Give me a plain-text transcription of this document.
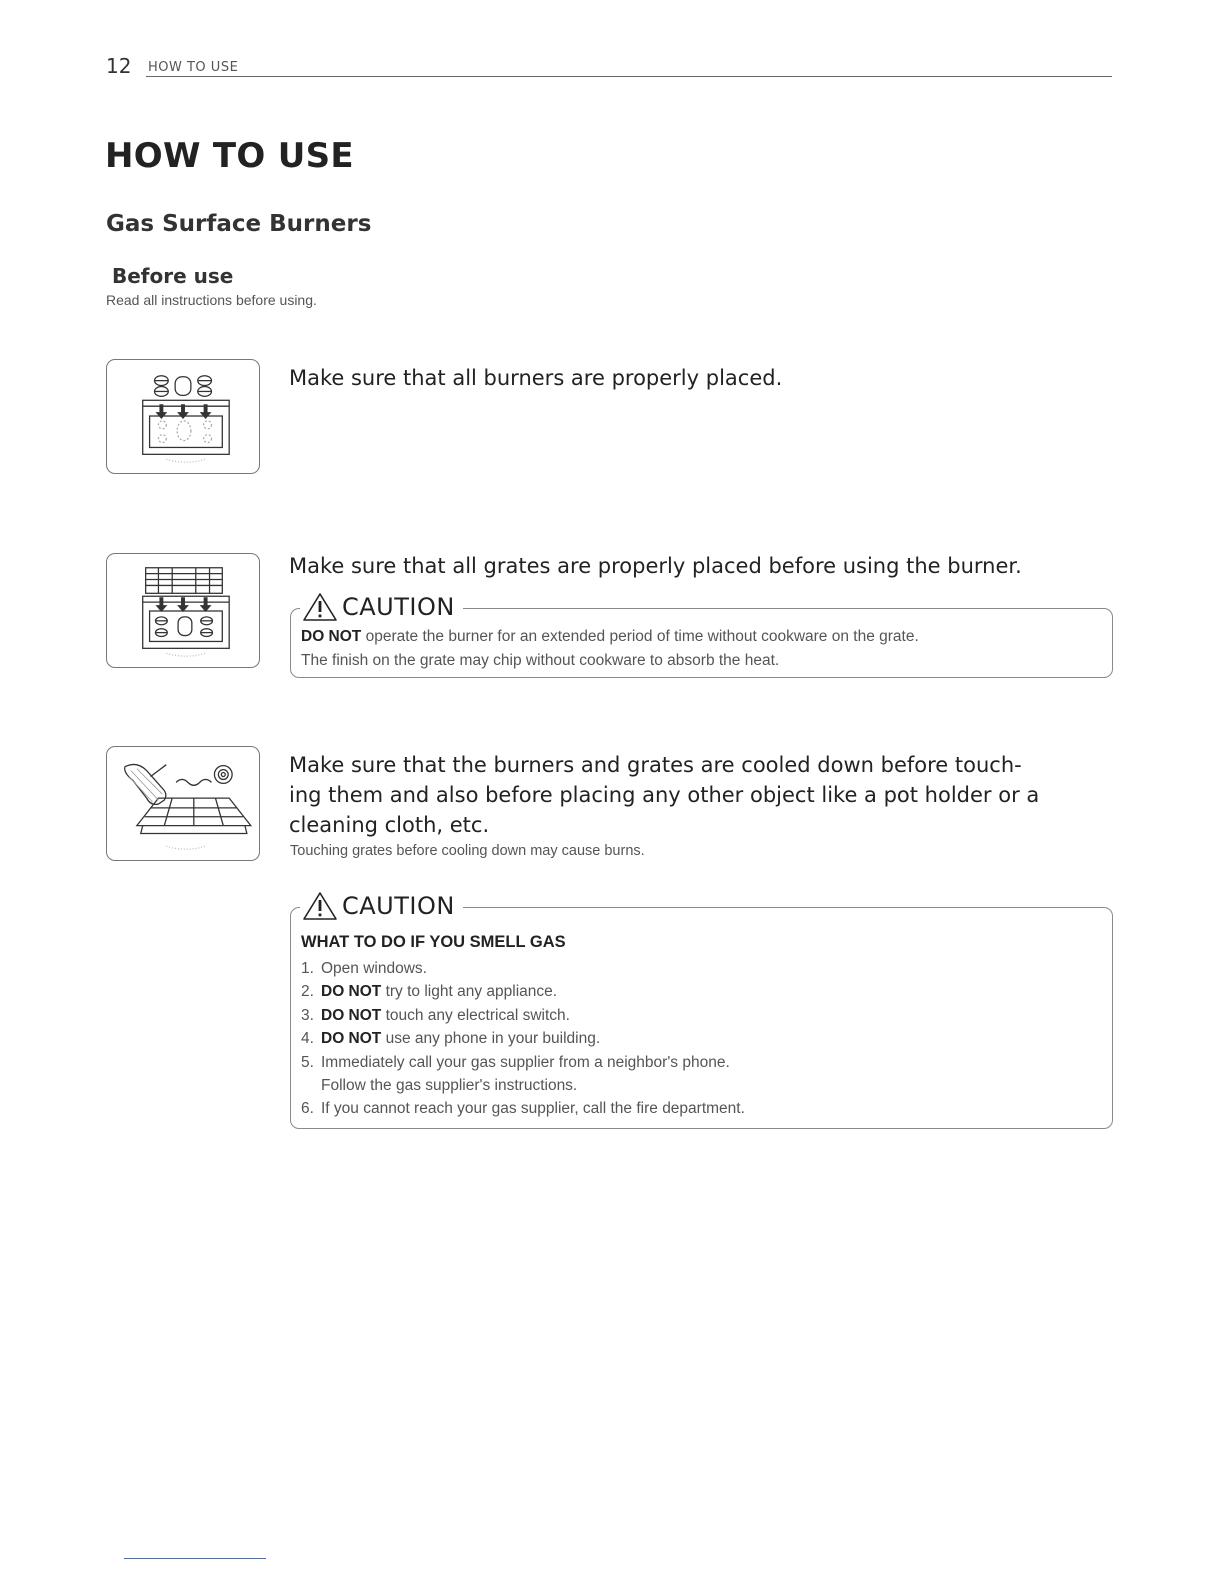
12 HOW TO USE
HOW TO USE
Gas Surface Burners
Before use
Read all instructions before using.
Make sure that all burners are properly placed.
Make sure that all grates are properly placed before using the burner.
DO NOT operate the burner for an extended period of time without cookware on the grate.
The finish on the grate may chip without cookware to absorb the heat.
CAUTION
Make sure that the burners and grates are cooled down before touch-
ing them and also before placing any other object like a pot holder or a
cleaning cloth, etc.
Touching grates before cooling down may cause burns.
WHAT TO DO IF YOU SMELL GAS
1. Open windows.
2. DO NOT try to light any appliance.
3. DO NOT touch any electrical switch.
4. DO NOT use any phone in your building.
5. Immediately call your gas supplier from a neighbor's phone.
Follow the gas supplier's instructions.
6. If you cannot reach your gas supplier, call the fire department.
CAUTION
